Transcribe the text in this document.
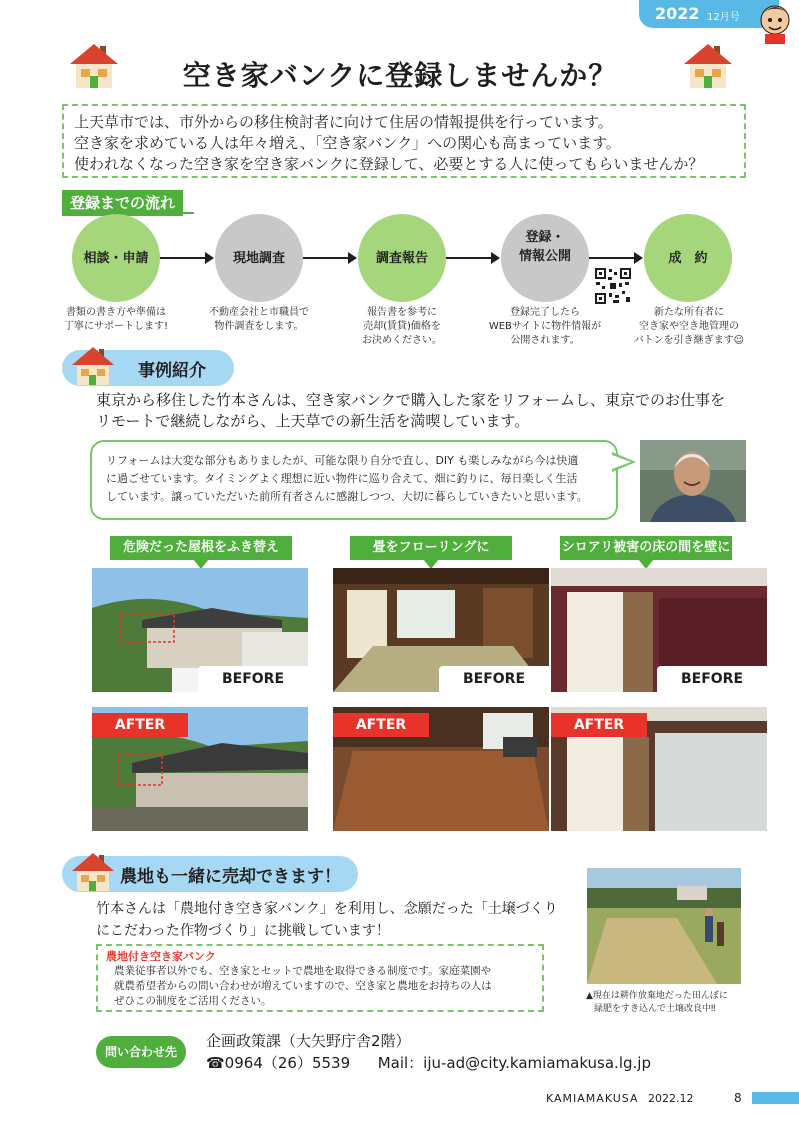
2022 12月号
空き家バンクに登録しませんか？

上天草市では、市外からの移住検討者に向けて住居の情報提供を行っています。

空き家を求めている人は年々増え、「空き家バンク」への関心も高まっています。

使われなくなった空き家を空き家バンクに登録して、必要とする人に使ってもらいませんか？

登録までの流れ
相談・申請	現地調査	調査報告
登録・
情報公開	成　約
書類の書き方や準備は
丁寧にサポートします!
不動産会社と市職員で
物件調査をします。
報告書を参考に
売却(賃貸)価格を
お決めください。
登録完了したら
WEBサイトに物件情報が
公開されます。
新たな所有者に
空き家や空き地管理の
バトンを引き継ぎます☺
事例紹介
東京から移住した竹本さんは、空き家バンクで購入した家をリフォームし、東京でのお仕事を
リモートで継続しながら、上天草での新生活を満喫しています。

リフォームは大変な部分もありましたが、可能な限り自分で直し、DIY も楽しみながら今は快適

に過ごせています。タイミングよく理想に近い物件に巡り合えて、畑に釣りに、毎日楽しく生活

しています。譲っていただいた前所有者さんに感謝しつつ、大切に暮らしていきたいと思います。

危険だった屋根をふき替え	畳をフローリングに	シロアリ被害の床の間を壁に
BEFORE	BEFORE	BEFORE
AFTER	AFTER	AFTER
農地も一緒に売却できます！
竹本さんは「農地付き空き家バンク」を利用し、念願だった「土壌づくり
にこだわった作物づくり」に挑戦しています！
農地付き空き家バンク

農業従事者以外でも、空き家とセットで農地を取得できる制度です。家庭菜園や

就農希望者からの問い合わせが増えていますので、空き家と農地をお持ちの人は

ぜひこの制度をご活用ください。	▲現在は耕作放棄地だった田んぼに
緑肥をすき込んで土壌改良中‼
問い合わせ先
企画政策課（大矢野庁舎2階）
☎0964（26）5539 Mail：iju-ad@city.kamiamakusa.lg.jp
KAMIAMAKUSA 2022.12	8
